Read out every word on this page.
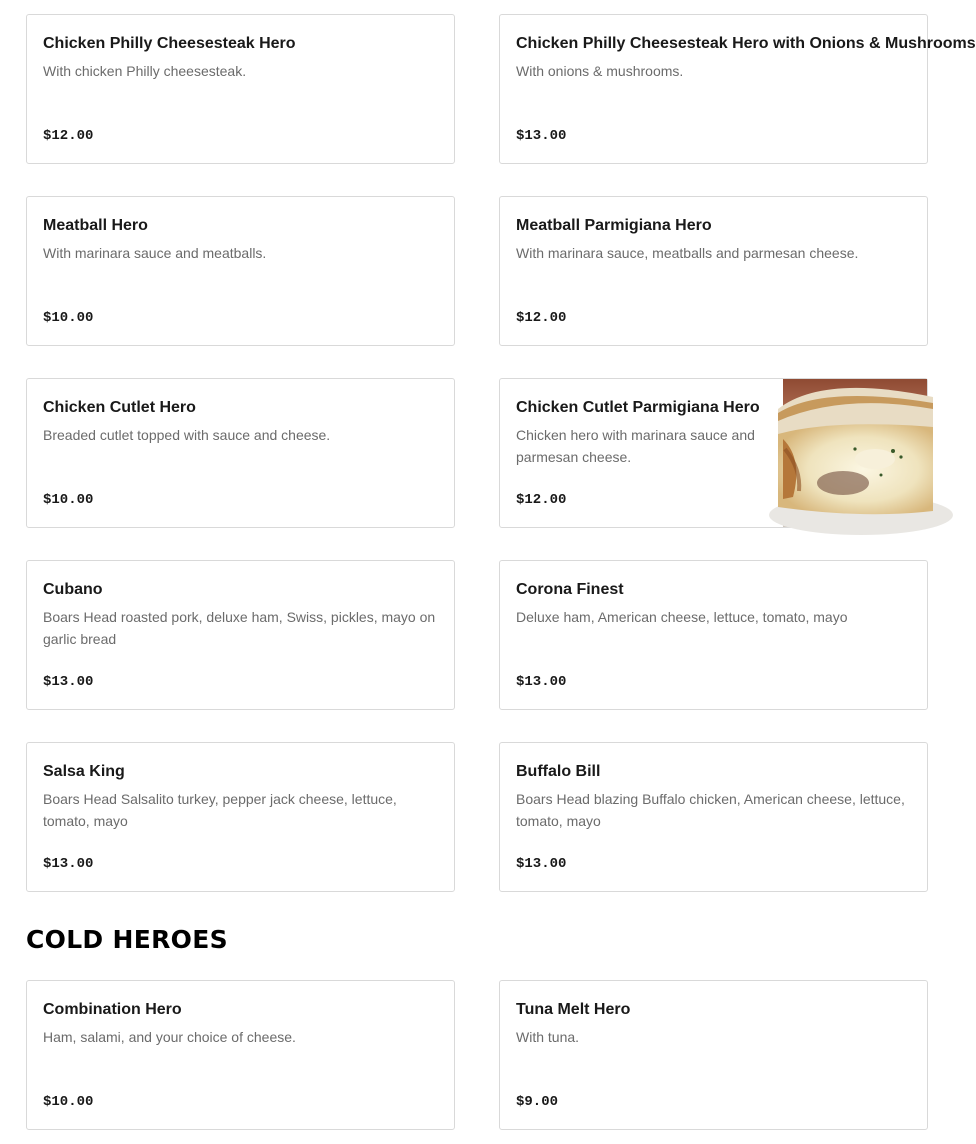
Chicken Philly Cheesesteak Hero
With chicken Philly cheesesteak.
$12.00
Chicken Philly Cheesesteak Hero with Onions & Mushrooms
With onions & mushrooms.
$13.00
Meatball Hero
With marinara sauce and meatballs.
$10.00
Meatball Parmigiana Hero
With marinara sauce, meatballs and parmesan cheese.
$12.00
Chicken Cutlet Hero
Breaded cutlet topped with sauce and cheese.
$10.00
Chicken Cutlet Parmigiana Hero
Chicken hero with marinara sauce and parmesan cheese.
$12.00
Cubano
Boars Head roasted pork, deluxe ham, Swiss, pickles, mayo on garlic bread
$13.00
Corona Finest
Deluxe ham, American cheese, lettuce, tomato, mayo
$13.00
Salsa King
Boars Head Salsalito turkey, pepper jack cheese, lettuce, tomato, mayo
$13.00
Buffalo Bill
Boars Head blazing Buffalo chicken, American cheese, lettuce, tomato, mayo
$13.00
COLD HEROES
Combination Hero
Ham, salami, and your choice of cheese.
$10.00
Tuna Melt Hero
With tuna.
$9.00
